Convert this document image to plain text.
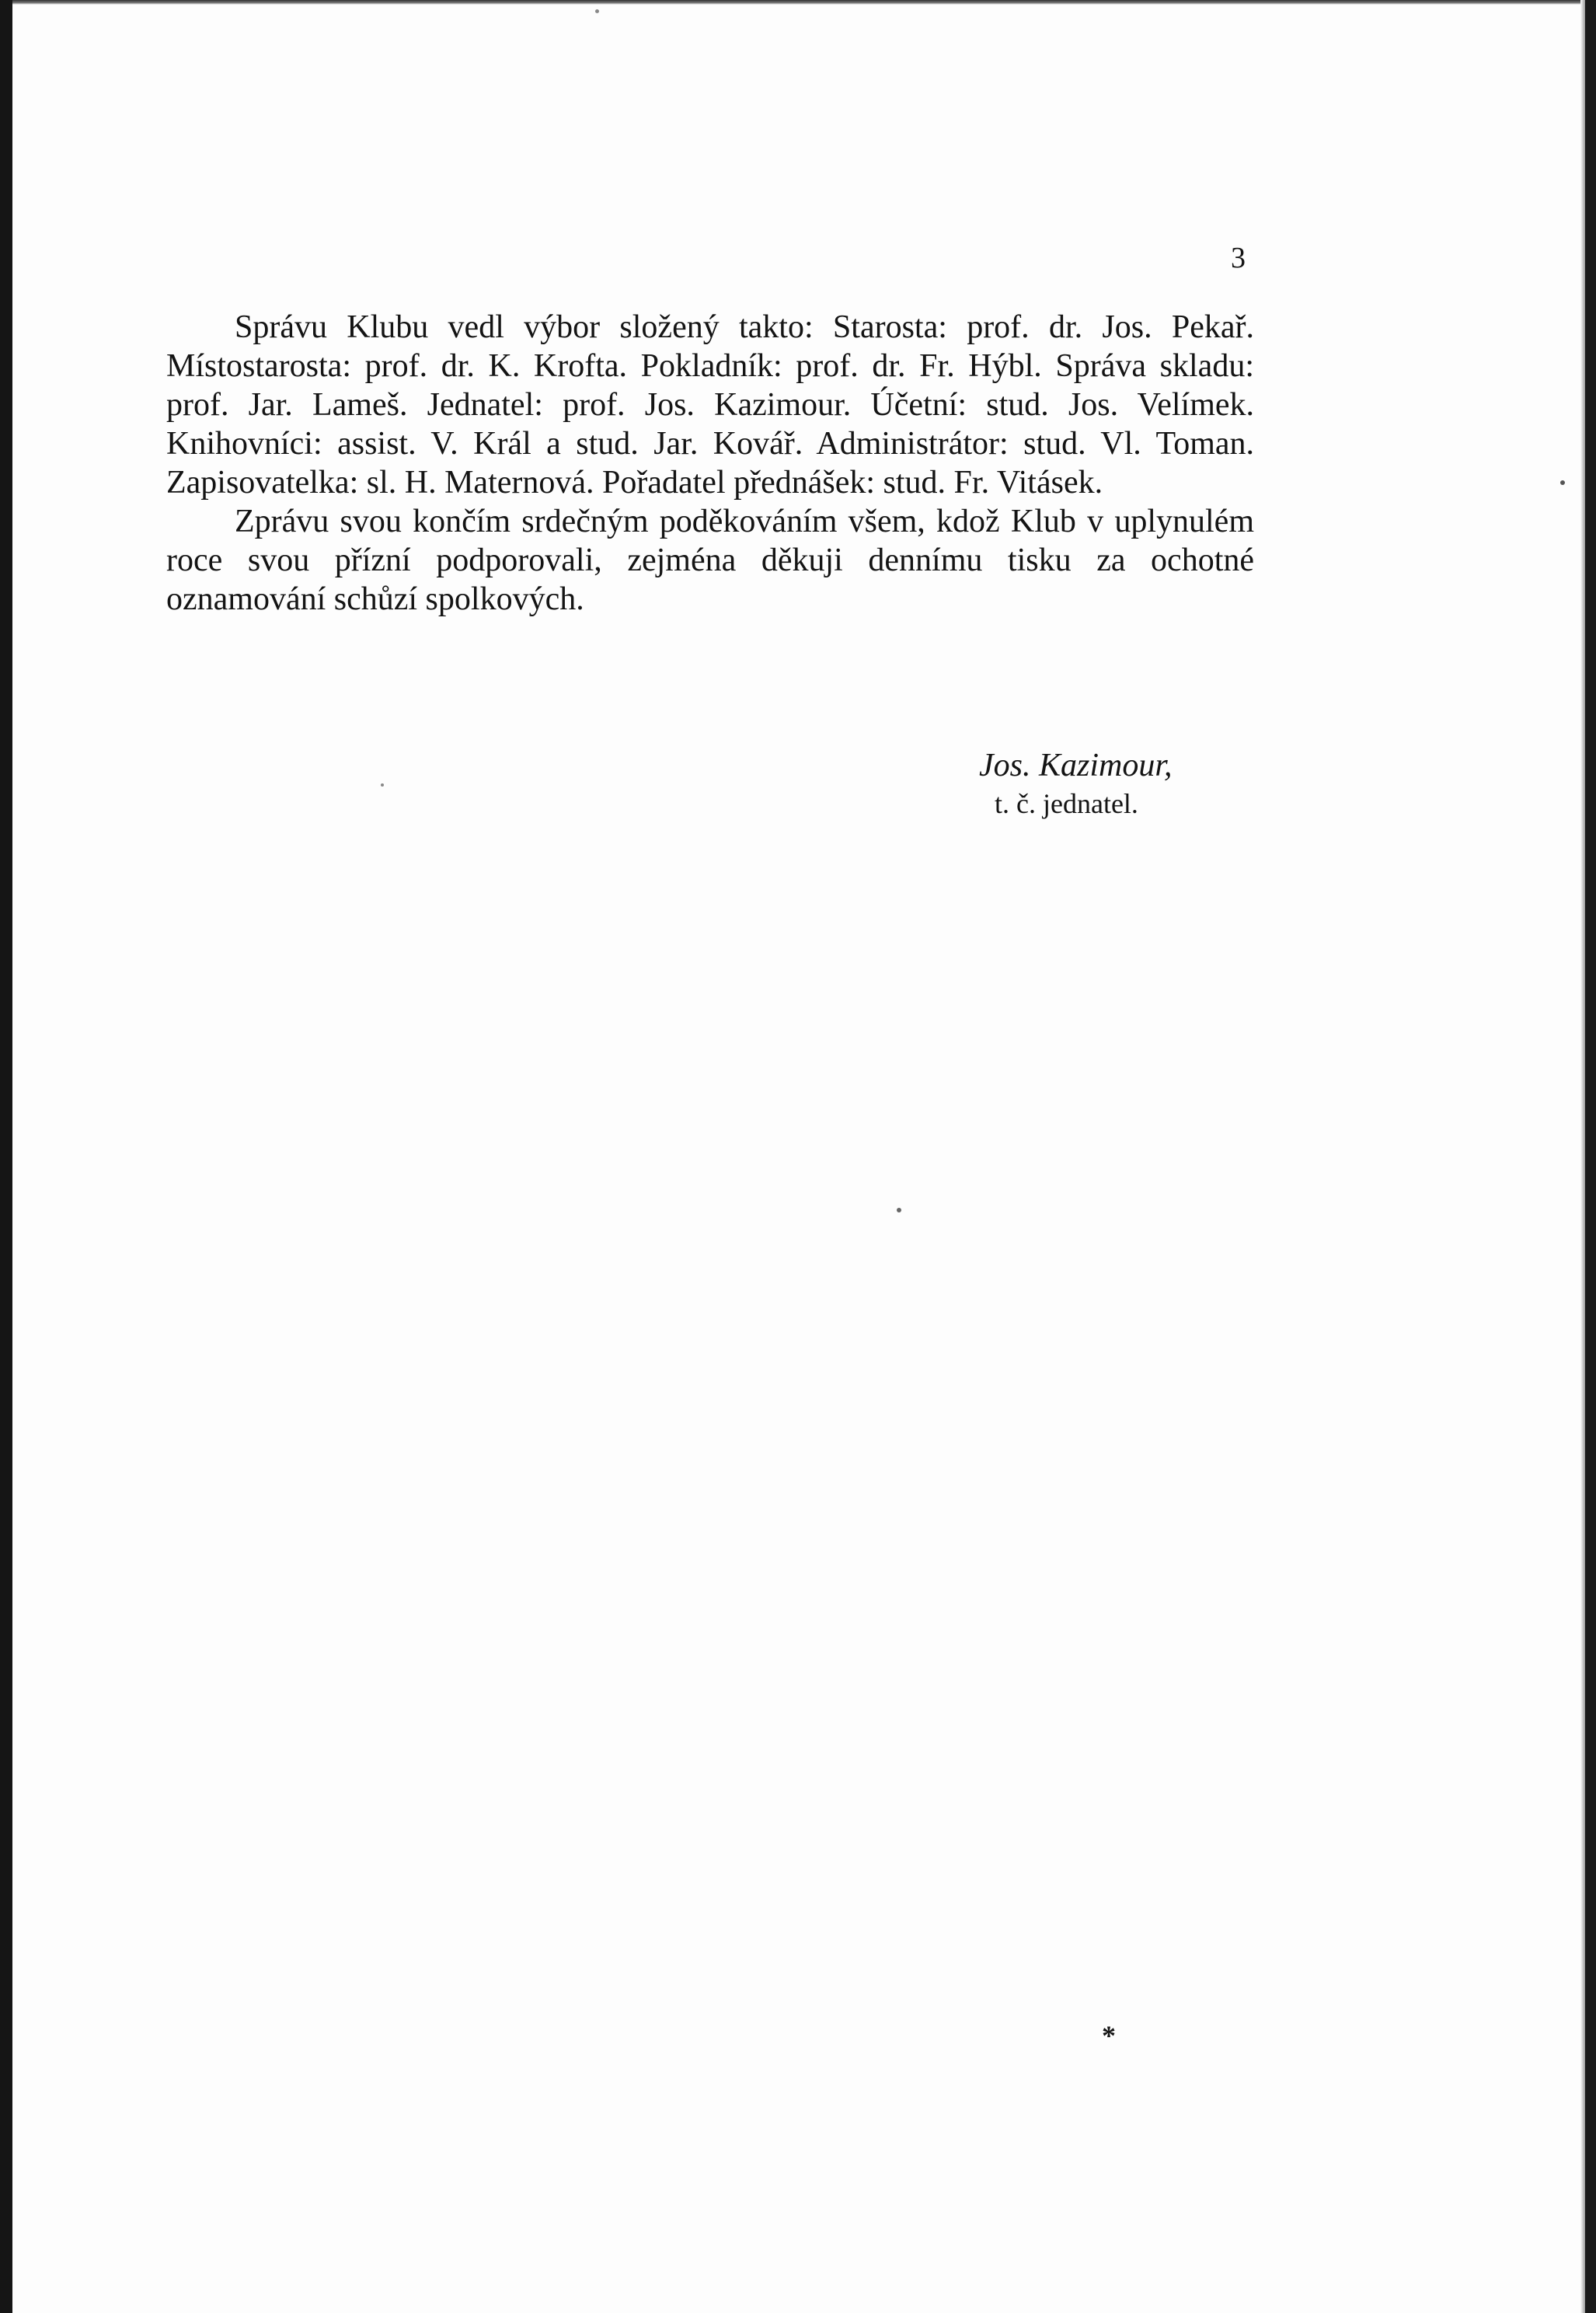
3

Správu Klubu vedl výbor složený takto: Starosta: prof. dr. Jos. Pekař. Místostarosta: prof. dr. K. Krofta. Pokladník: prof. dr. Fr. Hýbl. Správa skladu: prof. Jar. Lameš. Jednatel: prof. Jos. Kazimour. Účetní: stud. Jos. Velímek. Knihovníci: assist. V. Král a stud. Jar. Kovář. Administrátor: stud. Vl. Toman. Zapisovatelka: sl. H. Maternová. Pořadatel přednášek: stud. Fr. Vitásek.

Zprávu svou končím srdečným poděkováním všem, kdož Klub v uplynulém roce svou přízní podporovali, zejména děkuji dennímu tisku za ochotné oznamování schůzí spolkových.

Jos. Kazimour,
t. č. jednatel.

*
